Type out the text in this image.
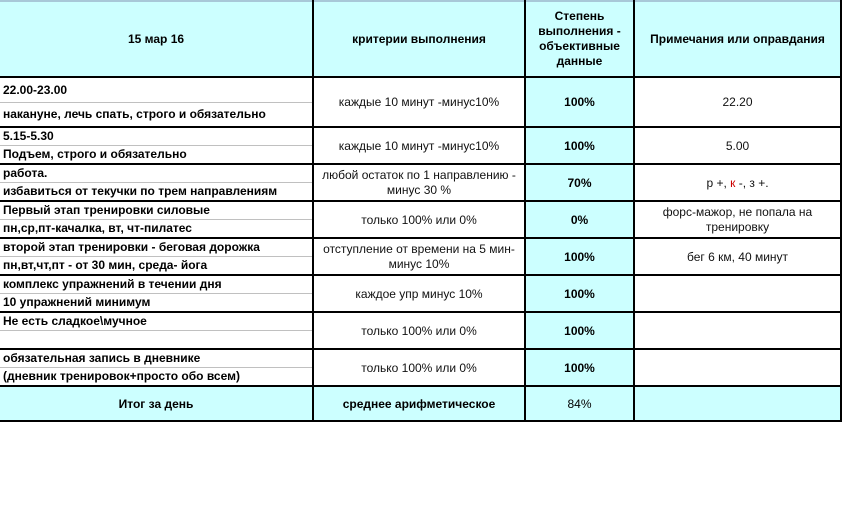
15 мар 16	критерии выполнения	Степень выполнения - объективные данные	Примечания или оправдания

22.00-23.00
накануне, лечь спать, строго и обязательно	каждые 10 минут -минус10%	100%	22.20

5.15-5.30
Подъем, строго и обязательно	каждые 10 минут -минус10%	100%	5.00

работа.
избавиться от текучки по трем направлениям	любой остаток по 1 направлению - минус 30 %	70%	р +, к -, з +.

Первый этап тренировки силовые
пн,ср,пт-качалка, вт, чт-пилатес	только 100% или 0%	0%	форс-мажор, не попала на тренировку

второй этап тренировки - беговая дорожка
пн,вт,чт,пт - от 30 мин, среда- йога	отступление от времени на 5 мин- минус 10%	100%	бег 6 км, 40 минут

комплекс упражнений в течении дня
10 упражнений минимум	каждое упр минус 10%	100%	

Не есть сладкое\мучное	только 100% или 0%	100%	

обязательная запись в дневнике
(дневник тренировок+просто обо всем)	только 100% или 0%	100%	
Итог за день	среднее арифметическое	84%	
